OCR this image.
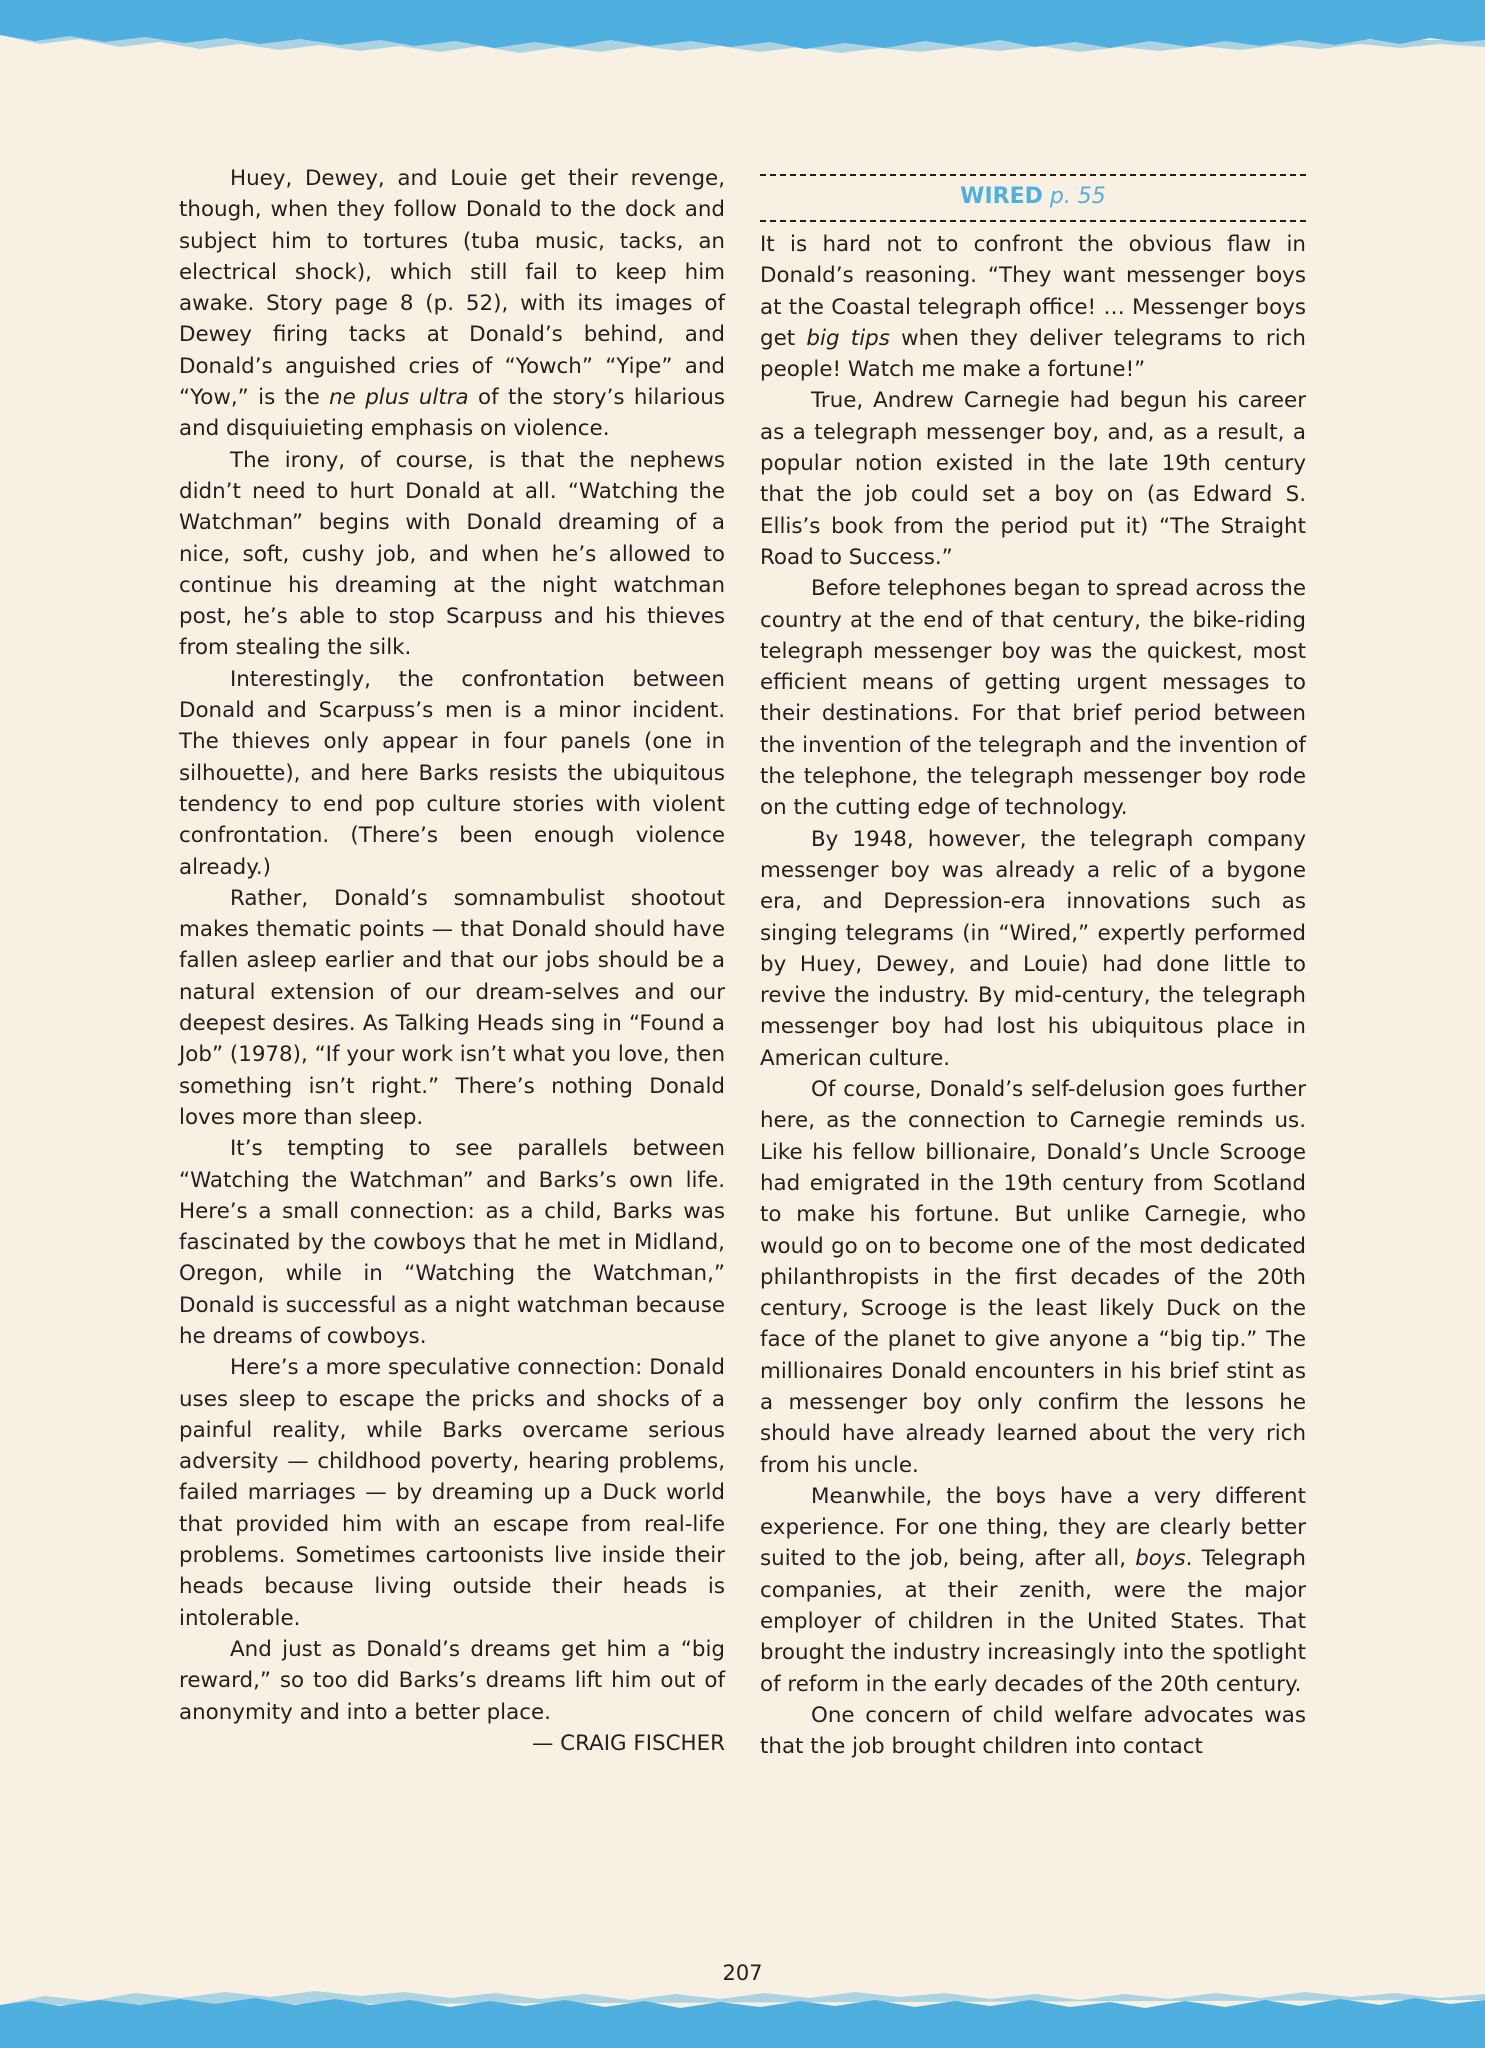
Huey, Dewey, and Louie get their revenge, though, when they follow Donald to the dock and subject him to tortures (tuba music, tacks, an electrical shock), which still fail to keep him awake. Story page 8 (p. 52), with its images of Dewey firing tacks at Donald’s behind, and Donald’s anguished cries of “Yowch” “Yipe” and “Yow,” is the ne plus ultra of the story’s hilarious and disquiuieting emphasis on violence.

The irony, of course, is that the nephews didn’t need to hurt Donald at all. “Watching the Watchman” begins with Donald dreaming of a nice, soft, cushy job, and when he’s allowed to continue his dreaming at the night watchman post, he’s able to stop Scarpuss and his thieves from stealing the silk.

Interestingly, the confrontation between Donald and Scarpuss’s men is a minor incident. The thieves only appear in four panels (one in silhouette), and here Barks resists the ubiquitous tendency to end pop culture stories with violent confrontation. (There’s been enough violence already.)

Rather, Donald’s somnambulist shootout makes thematic points — that Donald should have fallen asleep earlier and that our jobs should be a natural extension of our dream-selves and our deepest desires. As Talking Heads sing in “Found a Job” (1978), “If your work isn’t what you love, then something isn’t right.” There’s nothing Donald loves more than sleep.

It’s tempting to see parallels between “Watching the Watchman” and Barks’s own life. Here’s a small connection: as a child, Barks was fascinated by the cowboys that he met in Midland, Oregon, while in “Watching the Watchman,” Donald is successful as a night watchman because he dreams of cowboys.

Here’s a more speculative connection: Donald uses sleep to escape the pricks and shocks of a painful reality, while Barks overcame serious adversity — childhood poverty, hearing problems, failed marriages — by dreaming up a Duck world that provided him with an escape from real-life problems. Sometimes cartoonists live inside their heads because living outside their heads is intolerable.

And just as Donald’s dreams get him a “big reward,” so too did Barks’s dreams lift him out of anonymity and into a better place.

— CRAIG FISCHER

WIRED p. 55

It is hard not to confront the obvious flaw in Donald’s reasoning. “They want messenger boys at the Coastal telegraph office! … Messenger boys get big tips when they deliver telegrams to rich people! Watch me make a fortune!”

True, Andrew Carnegie had begun his career as a telegraph messenger boy, and, as a result, a popular notion existed in the late 19th century that the job could set a boy on (as Edward S. Ellis’s book from the period put it) “The Straight Road to Success.”

Before telephones began to spread across the country at the end of that century, the bike-riding telegraph messenger boy was the quickest, most efficient means of getting urgent messages to their destinations. For that brief period between the invention of the telegraph and the invention of the telephone, the telegraph messenger boy rode on the cutting edge of technology.

By 1948, however, the telegraph company messenger boy was already a relic of a bygone era, and Depression-era innovations such as singing telegrams (in “Wired,” expertly performed by Huey, Dewey, and Louie) had done little to revive the industry. By mid-century, the telegraph messenger boy had lost his ubiquitous place in American culture.

Of course, Donald’s self-delusion goes further here, as the connection to Carnegie reminds us. Like his fellow billionaire, Donald’s Uncle Scrooge had emigrated in the 19th century from Scotland to make his fortune. But unlike Carnegie, who would go on to become one of the most dedicated philanthropists in the first decades of the 20th century, Scrooge is the least likely Duck on the face of the planet to give anyone a “big tip.” The millionaires Donald encounters in his brief stint as a messenger boy only confirm the lessons he should have already learned about the very rich from his uncle.

Meanwhile, the boys have a very different experience. For one thing, they are clearly better suited to the job, being, after all, boys. Telegraph companies, at their zenith, were the major employer of children in the United States. That brought the industry increasingly into the spotlight of reform in the early decades of the 20th century.

One concern of child welfare advocates was that the job brought children into contact

207
